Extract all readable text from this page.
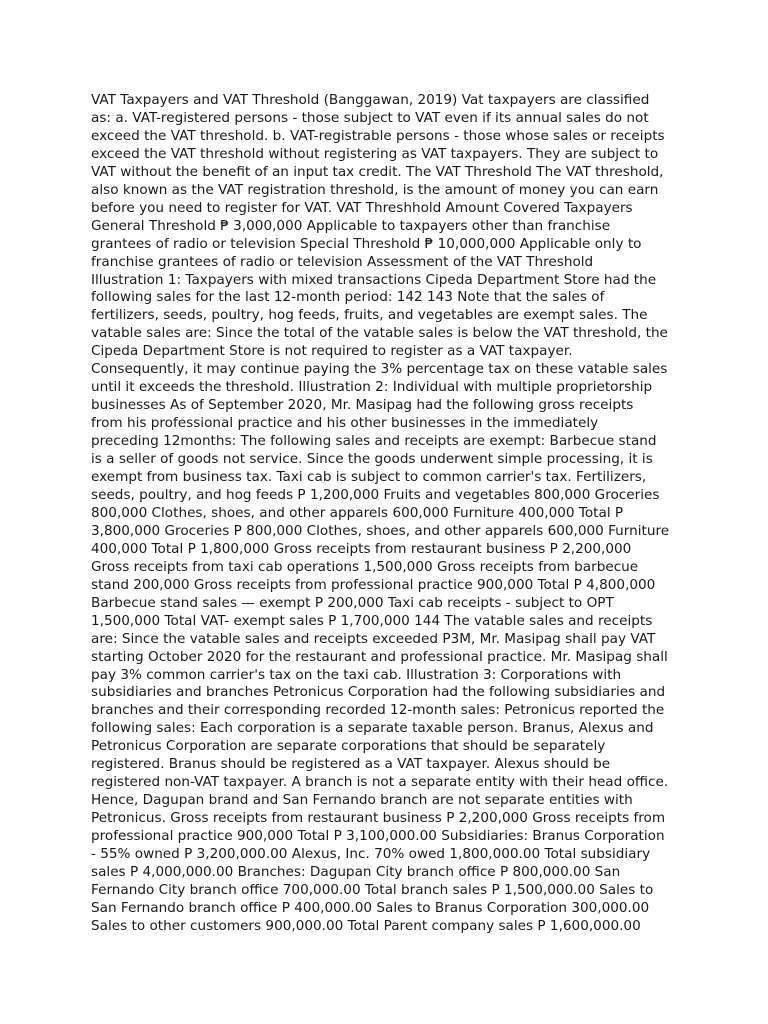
VAT Taxpayers and VAT Threshold (Banggawan, 2019) Vat taxpayers are classified

as: a. VAT-registered persons - those subject to VAT even if its annual sales do not

exceed the VAT threshold. b. VAT-registrable persons - those whose sales or receipts

exceed the VAT threshold without registering as VAT taxpayers. They are subject to

VAT without the benefit of an input tax credit. The VAT Threshold The VAT threshold,

also known as the VAT registration threshold, is the amount of money you can earn

before you need to register for VAT. VAT Threshhold Amount Covered Taxpayers

General Threshold ₱ 3,000,000 Applicable to taxpayers other than franchise

grantees of radio or television Special Threshold ₱ 10,000,000 Applicable only to

franchise grantees of radio or television Assessment of the VAT Threshold

Illustration 1: Taxpayers with mixed transactions Cipeda Department Store had the

following sales for the last 12-month period: 142 143 Note that the sales of

fertilizers, seeds, poultry, hog feeds, fruits, and vegetables are exempt sales. The

vatable sales are: Since the total of the vatable sales is below the VAT threshold, the

Cipeda Department Store is not required to register as a VAT taxpayer.

Consequently, it may continue paying the 3% percentage tax on these vatable sales

until it exceeds the threshold. Illustration 2: Individual with multiple proprietorship

businesses As of September 2020, Mr. Masipag had the following gross receipts

from his professional practice and his other businesses in the immediately

preceding 12months: The following sales and receipts are exempt: Barbecue stand

is a seller of goods not service. Since the goods underwent simple processing, it is

exempt from business tax. Taxi cab is subject to common carrier's tax. Fertilizers,

seeds, poultry, and hog feeds P 1,200,000 Fruits and vegetables 800,000 Groceries

800,000 Clothes, shoes, and other apparels 600,000 Furniture 400,000 Total P

3,800,000 Groceries P 800,000 Clothes, shoes, and other apparels 600,000 Furniture

400,000 Total P 1,800,000 Gross receipts from restaurant business P 2,200,000

Gross receipts from taxi cab operations 1,500,000 Gross receipts from barbecue

stand 200,000 Gross receipts from professional practice 900,000 Total P 4,800,000

Barbecue stand sales — exempt P 200,000 Taxi cab receipts - subject to OPT

1,500,000 Total VAT- exempt sales P 1,700,000 144 The vatable sales and receipts

are: Since the vatable sales and receipts exceeded P3M, Mr. Masipag shall pay VAT

starting October 2020 for the restaurant and professional practice. Mr. Masipag shall

pay 3% common carrier's tax on the taxi cab. Illustration 3: Corporations with

subsidiaries and branches Petronicus Corporation had the following subsidiaries and

branches and their corresponding recorded 12-month sales: Petronicus reported the

following sales: Each corporation is a separate taxable person. Branus, Alexus and

Petronicus Corporation are separate corporations that should be separately

registered. Branus should be registered as a VAT taxpayer. Alexus should be

registered non-VAT taxpayer. A branch is not a separate entity with their head office.

Hence, Dagupan brand and San Fernando branch are not separate entities with

Petronicus. Gross receipts from restaurant business P 2,200,000 Gross receipts from

professional practice 900,000 Total P 3,100,000.00 Subsidiaries: Branus Corporation

- 55% owned P 3,200,000.00 Alexus, Inc. 70% owed 1,800,000.00 Total subsidiary

sales P 4,000,000.00 Branches: Dagupan City branch office P 800,000.00 San

Fernando City branch office 700,000.00 Total branch sales P 1,500,000.00 Sales to

San Fernando branch office P 400,000.00 Sales to Branus Corporation 300,000.00

Sales to other customers 900,000.00 Total Parent company sales P 1,600,000.00
